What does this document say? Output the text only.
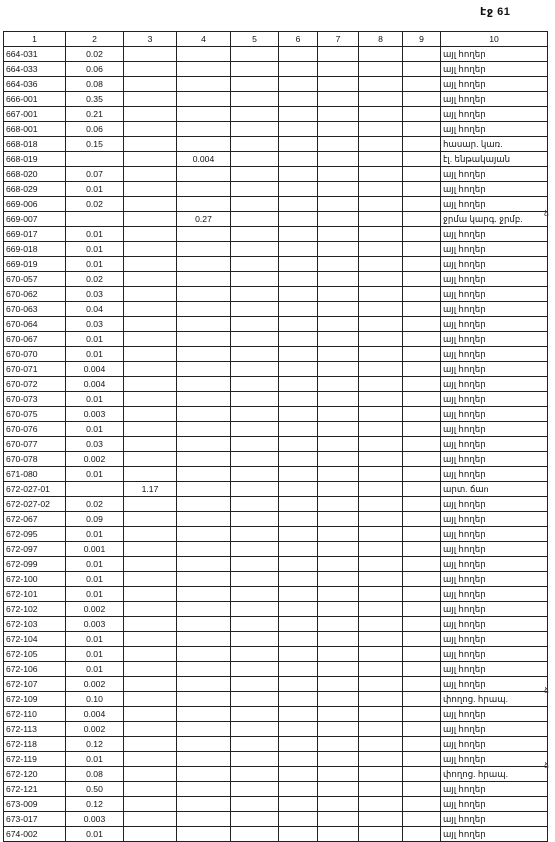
էջ 61
1	2	3	4	5	6	7	8	9	10
664-031	0.02								այլ հողեր
664-033	0.06								այլ հողեր
664-036	0.08								այլ հողեր
666-001	0.35								այլ հողեր
667-001	0.21								այլ հողեր
668-001	0.06								այլ հողեր
668-018	0.15								հասար. կառ.
668-019			0.004						էլ. ենթակայան
668-020	0.07								այլ հողեր
668-029	0.01								այլ հողեր
669-006	0.02								այլ հողեր
669-007			0.27						ջրմա կարգ. ջրմբ.
669-017	0.01								այլ հողեր
669-018	0.01								այլ հողեր
669-019	0.01								այլ հողեր
670-057	0.02								այլ հողեր
670-062	0.03								այլ հողեր
670-063	0.04								այլ հողեր
670-064	0.03								այլ հողեր
670-067	0.01								այլ հողեր
670-070	0.01								այլ հողեր
670-071	0.004								այլ հողեր
670-072	0.004								այլ հողեր
670-073	0.01								այլ հողեր
670-075	0.003								այլ հողեր
670-076	0.01								այլ հողեր
670-077	0.03								այլ հողեր
670-078	0.002								այլ հողեր
671-080	0.01								այլ հողեր
672-027-01		1.17							արտ. ճաn
672-027-02	0.02								այլ հողեր
672-067	0.09								այլ հողեր
672-095	0.01								այլ հողեր
672-097	0.001								այլ հողեր
672-099	0.01								այլ հողեր
672-100	0.01								այլ հողեր
672-101	0.01								այլ հողեր
672-102	0.002								այլ հողեր
672-103	0.003								այլ հողեր
672-104	0.01								այլ հողեր
672-105	0.01								այլ հողեր
672-106	0.01								այլ հողեր
672-107	0.002								այլ հողեր
672-109	0.10								փողոց. հրապ.
672-110	0.004								այլ հողեր
672-113	0.002								այլ հողեր
672-118	0.12								այլ հողեր
672-119	0.01								այլ հողեր
672-120	0.08								փողոց. հրապ.
672-121	0.50								այլ հողեր
673-009	0.12								այլ հողեր
673-017	0.003								այլ հողեր
674-002	0.01								այլ հողեր
ձ
ձ
ձ
